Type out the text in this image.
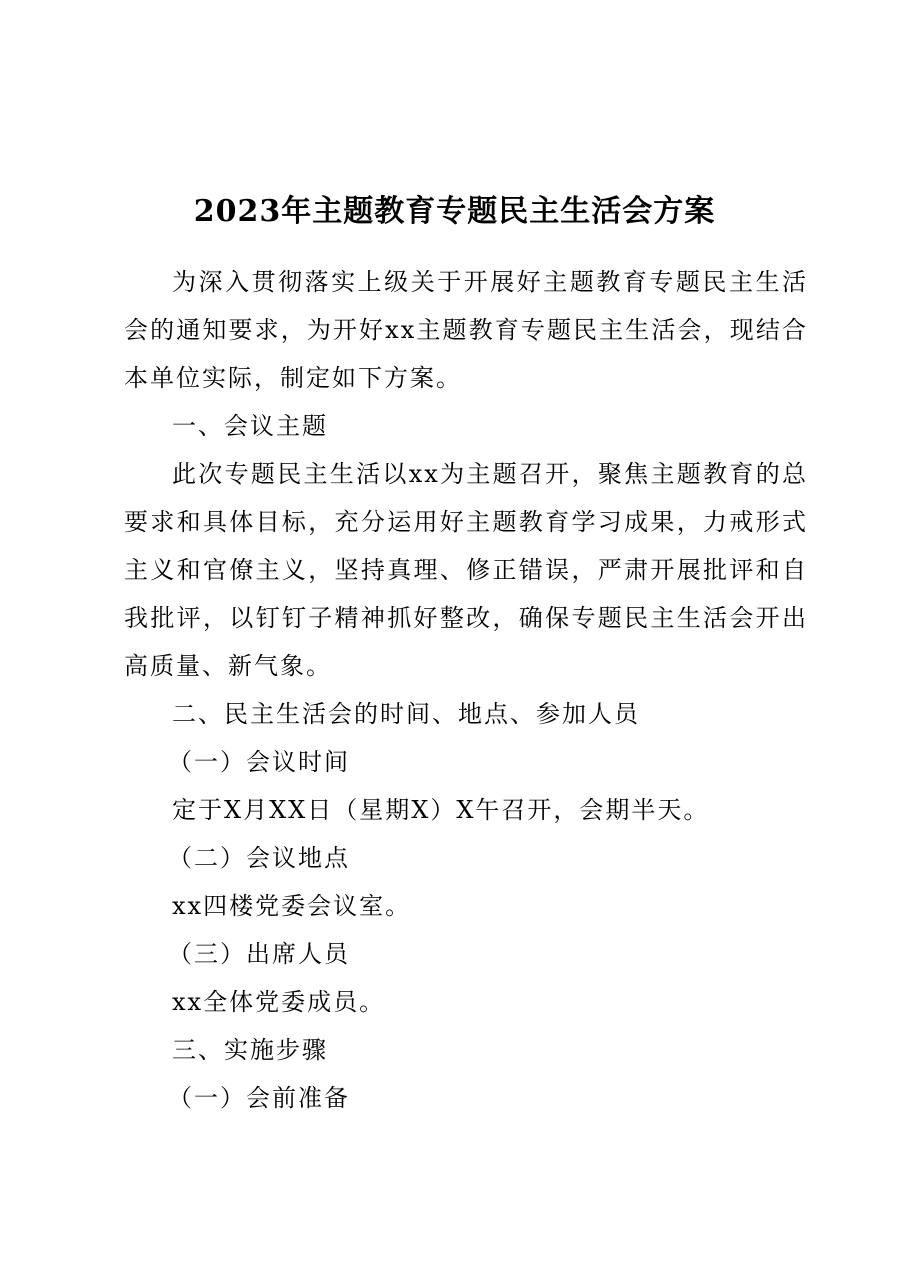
2023年主题教育专题民主生活会方案

为深入贯彻落实上级关于开展好主题教育专题民主生活会的通知要求，为开好xx主题教育专题民主生活会，现结合本单位实际，制定如下方案。

一、会议主题

此次专题民主生活以xx为主题召开，聚焦主题教育的总要求和具体目标，充分运用好主题教育学习成果，力戒形式主义和官僚主义，坚持真理、修正错误，严肃开展批评和自我批评，以钉钉子精神抓好整改，确保专题民主生活会开出高质量、新气象。

二、民主生活会的时间、地点、参加人员

（一）会议时间

定于X月XX日（星期X）X午召开，会期半天。

（二）会议地点

xx四楼党委会议室。

（三）出席人员

xx全体党委成员。

三、实施步骤

（一）会前准备
